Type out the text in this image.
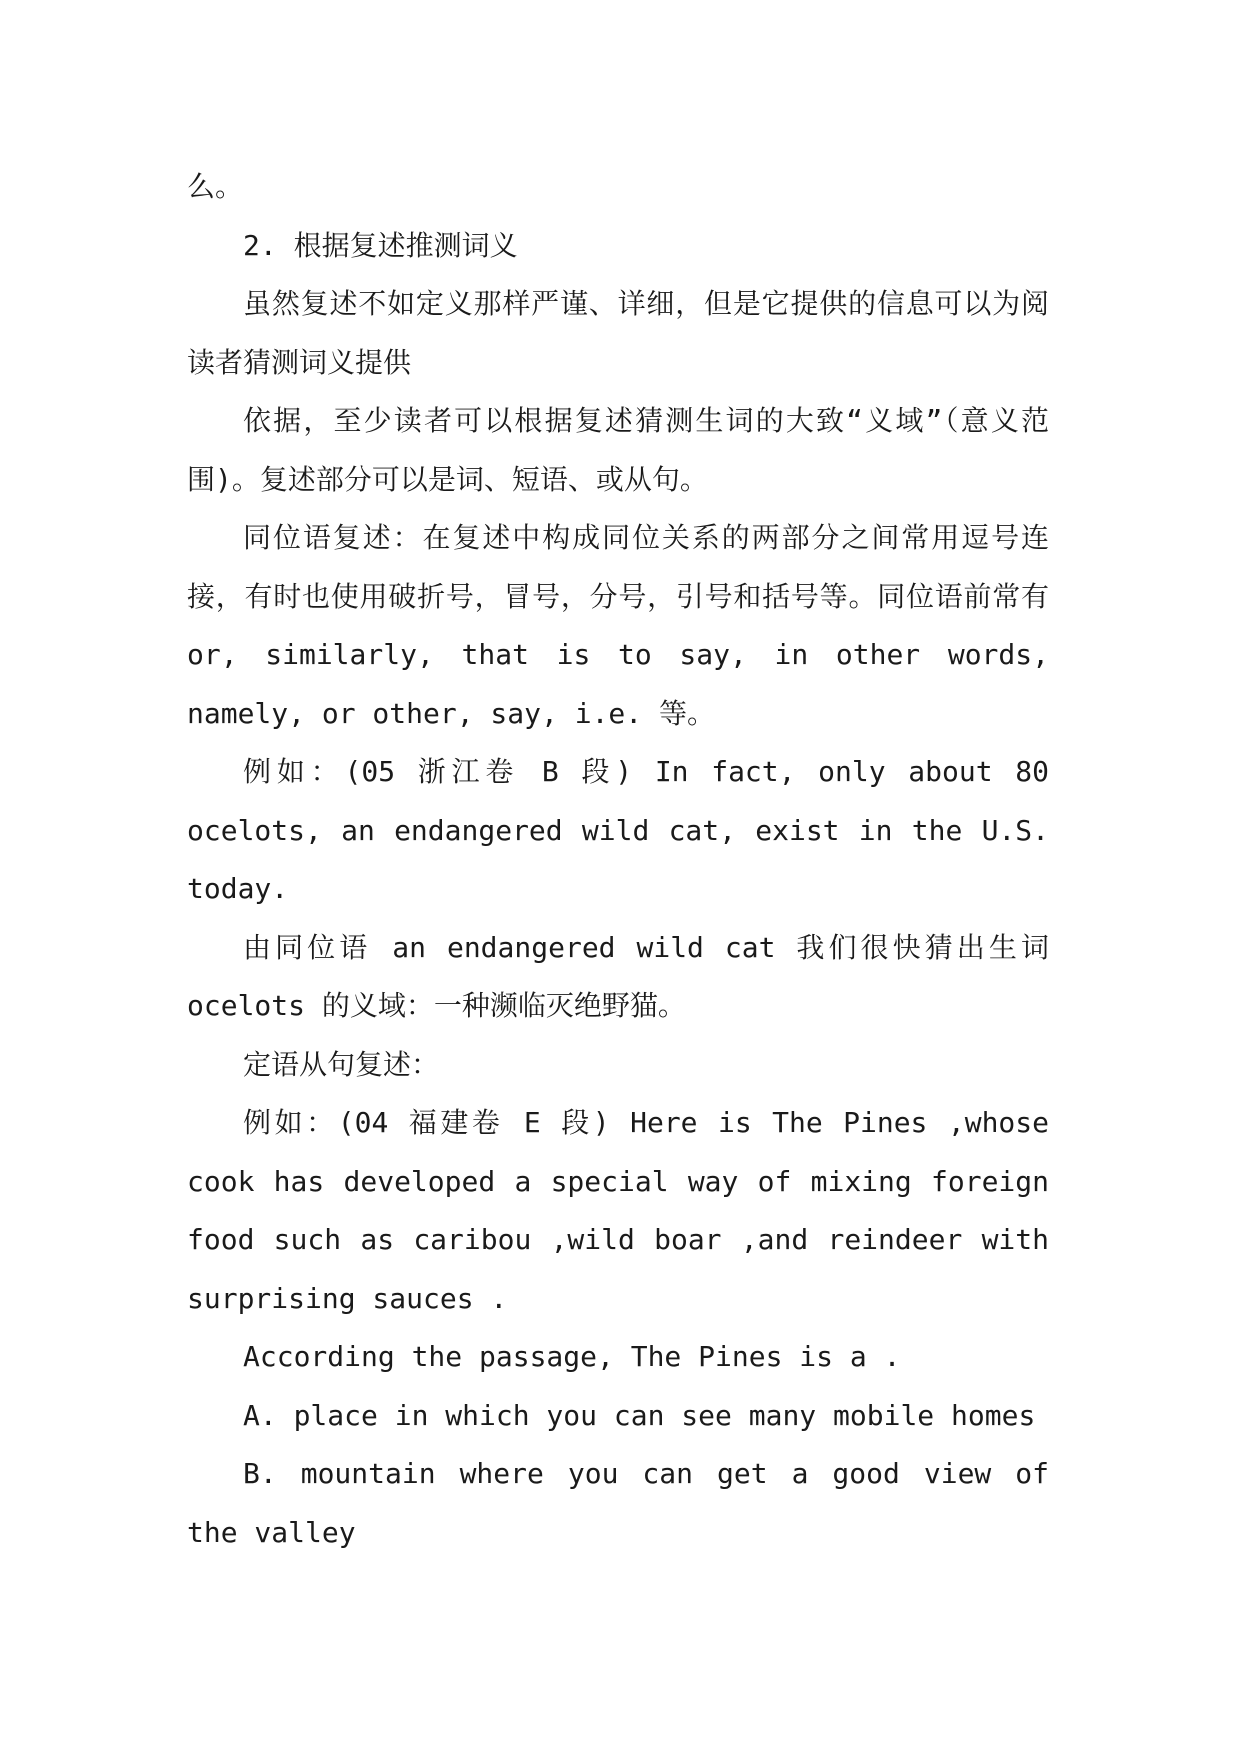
么。

2. 根据复述推测词义

虽然复述不如定义那样严谨、详细，但是它提供的信息可以为阅读者猜测词义提供

依据，至少读者可以根据复述猜测生词的大致“义域”（意义范围)。复述部分可以是词、短语、或从句。

同位语复述：在复述中构成同位关系的两部分之间常用逗号连接，有时也使用破折号，冒号，分号，引号和括号等。同位语前常有 or, similarly, that is to say, in other words, namely, or other, say, i.e. 等。

例如：(05 浙江卷 B 段) In fact, only about 80 ocelots, an endangered wild cat, exist in the U.S. today.

由同位语 an endangered wild cat 我们很快猜出生词 ocelots 的义域：一种濒临灭绝野猫。

定语从句复述：

例如：(04 福建卷 E 段) Here is The Pines ,whose cook has developed a special way of mixing foreign food such as caribou ,wild boar ,and reindeer with surprising sauces .

According the passage, The Pines is a .

A. place in which you can see many mobile homes

B. mountain where you can get a good view of the valley
